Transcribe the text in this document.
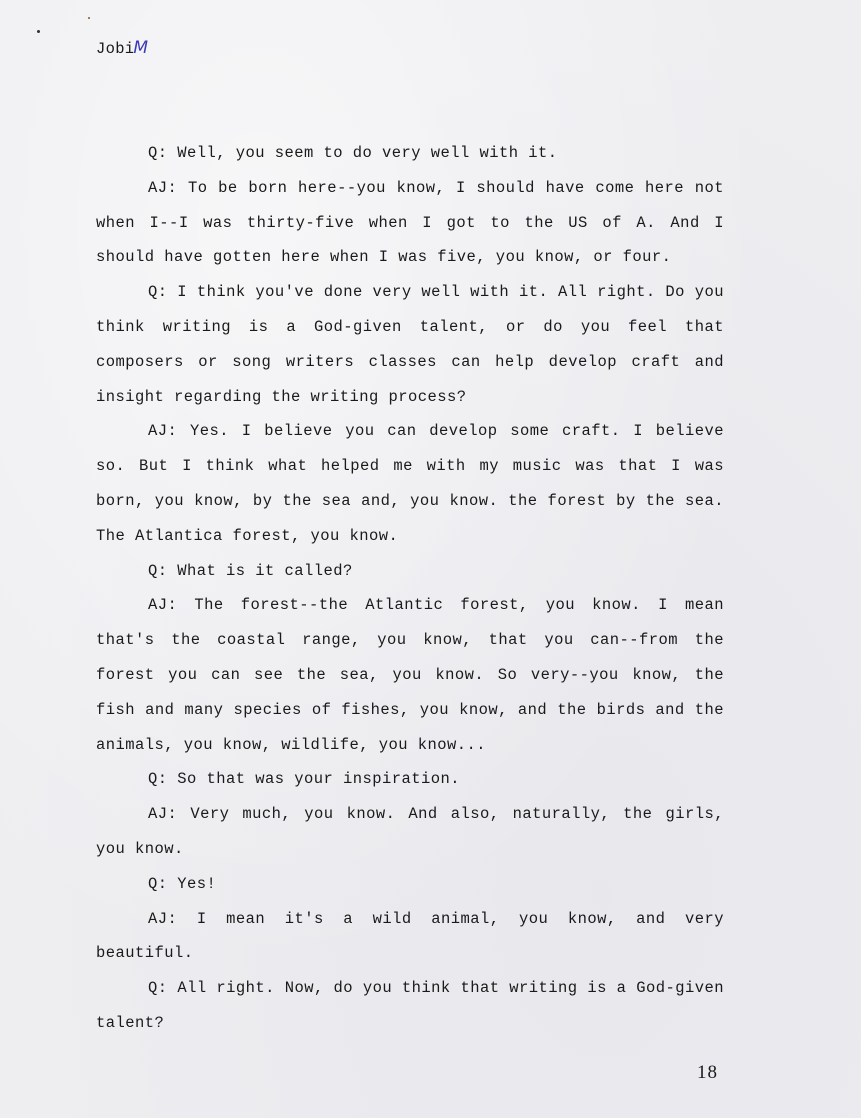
JobiM

Q: Well, you seem to do very well with it.

AJ: To be born here--you know, I should have come here not when I--I was thirty-five when I got to the US of A. And I should have gotten here when I was five, you know, or four.

Q: I think you've done very well with it. All right. Do you think writing is a God-given talent, or do you feel that composers or song writers classes can help develop craft and insight regarding the writing process?

AJ: Yes. I believe you can develop some craft. I believe so. But I think what helped me with my music was that I was born, you know, by the sea and, you know. the forest by the sea. The Atlantica forest, you know.

Q: What is it called?

AJ: The forest--the Atlantic forest, you know. I mean that's the coastal range, you know, that you can--from the forest you can see the sea, you know. So very--you know, the fish and many species of fishes, you know, and the birds and the animals, you know, wildlife, you know...

Q: So that was your inspiration.

AJ: Very much, you know. And also, naturally, the girls, you know.

Q: Yes!

AJ: I mean it's a wild animal, you know, and very beautiful.

Q: All right. Now, do you think that writing is a God-given talent?

18
